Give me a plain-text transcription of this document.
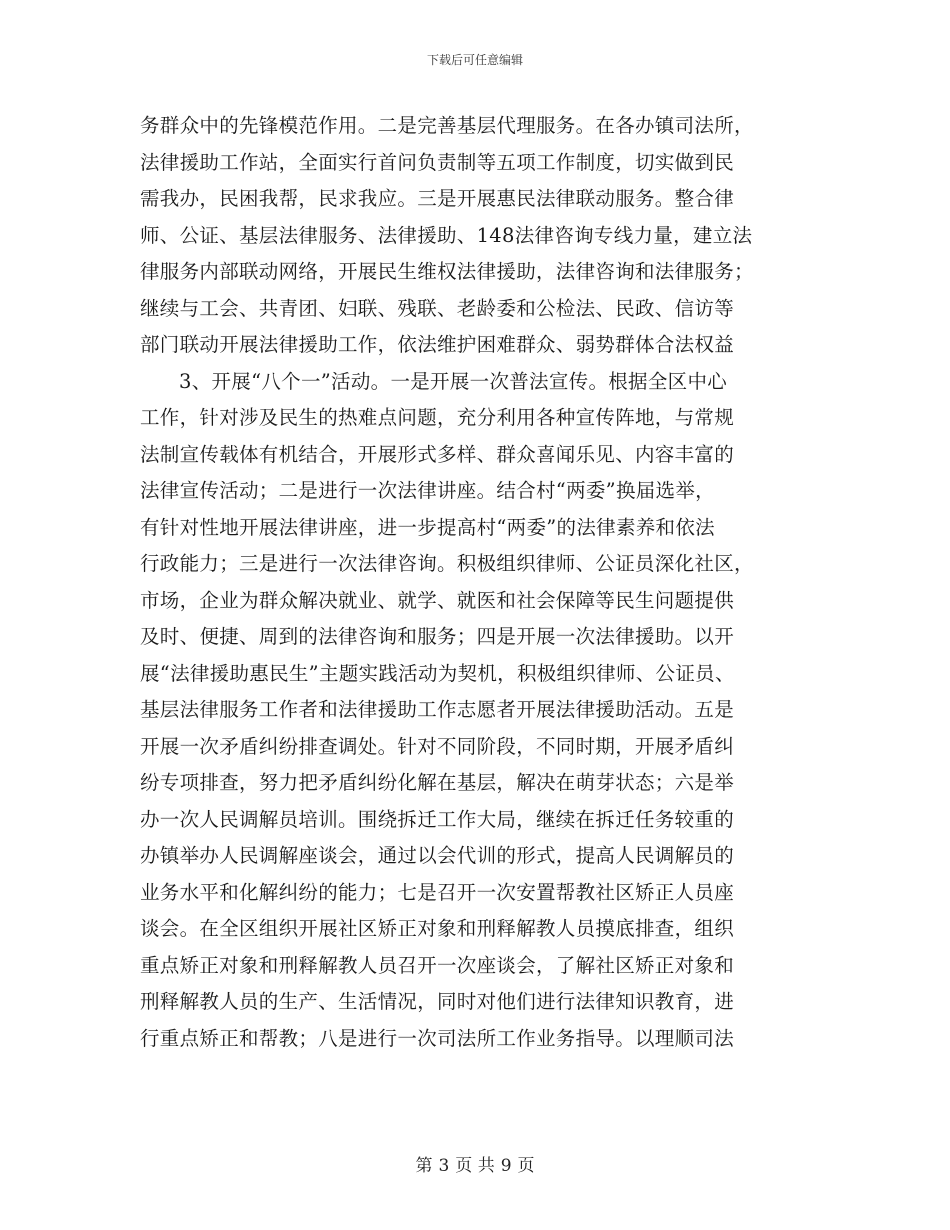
下载后可任意编辑
务群众中的先锋模范作用。二是完善基层代理服务。在各办镇司法所，
法律援助工作站，全面实行首问负责制等五项工作制度，切实做到民
需我办，民困我帮，民求我应。三是开展惠民法律联动服务。整合律
师、公证、基层法律服务、法律援助、148法律咨询专线力量，建立法
律服务内部联动网络，开展民生维权法律援助，法律咨询和法律服务；
继续与工会、共青团、妇联、残联、老龄委和公检法、民政、信访等
部门联动开展法律援助工作，依法维护困难群众、弱势群体合法权益
3、开展“八个一”活动。一是开展一次普法宣传。根据全区中心
工作，针对涉及民生的热难点问题，充分利用各种宣传阵地，与常规
法制宣传载体有机结合，开展形式多样、群众喜闻乐见、内容丰富的
法律宣传活动；二是进行一次法律讲座。结合村“两委”换届选举，
有针对性地开展法律讲座，进一步提高村“两委”的法律素养和依法
行政能力；三是进行一次法律咨询。积极组织律师、公证员深化社区，
市场，企业为群众解决就业、就学、就医和社会保障等民生问题提供
及时、便捷、周到的法律咨询和服务；四是开展一次法律援助。以开
展“法律援助惠民生”主题实践活动为契机，积极组织律师、公证员、
基层法律服务工作者和法律援助工作志愿者开展法律援助活动。五是
开展一次矛盾纠纷排查调处。针对不同阶段，不同时期，开展矛盾纠
纷专项排查，努力把矛盾纠纷化解在基层，解决在萌芽状态；六是举
办一次人民调解员培训。围绕拆迁工作大局，继续在拆迁任务较重的
办镇举办人民调解座谈会，通过以会代训的形式，提高人民调解员的
业务水平和化解纠纷的能力；七是召开一次安置帮教社区矫正人员座
谈会。在全区组织开展社区矫正对象和刑释解教人员摸底排查，组织
重点矫正对象和刑释解教人员召开一次座谈会，了解社区矫正对象和
刑释解教人员的生产、生活情况，同时对他们进行法律知识教育，进
行重点矫正和帮教；八是进行一次司法所工作业务指导。以理顺司法
第 3 页 共 9 页
